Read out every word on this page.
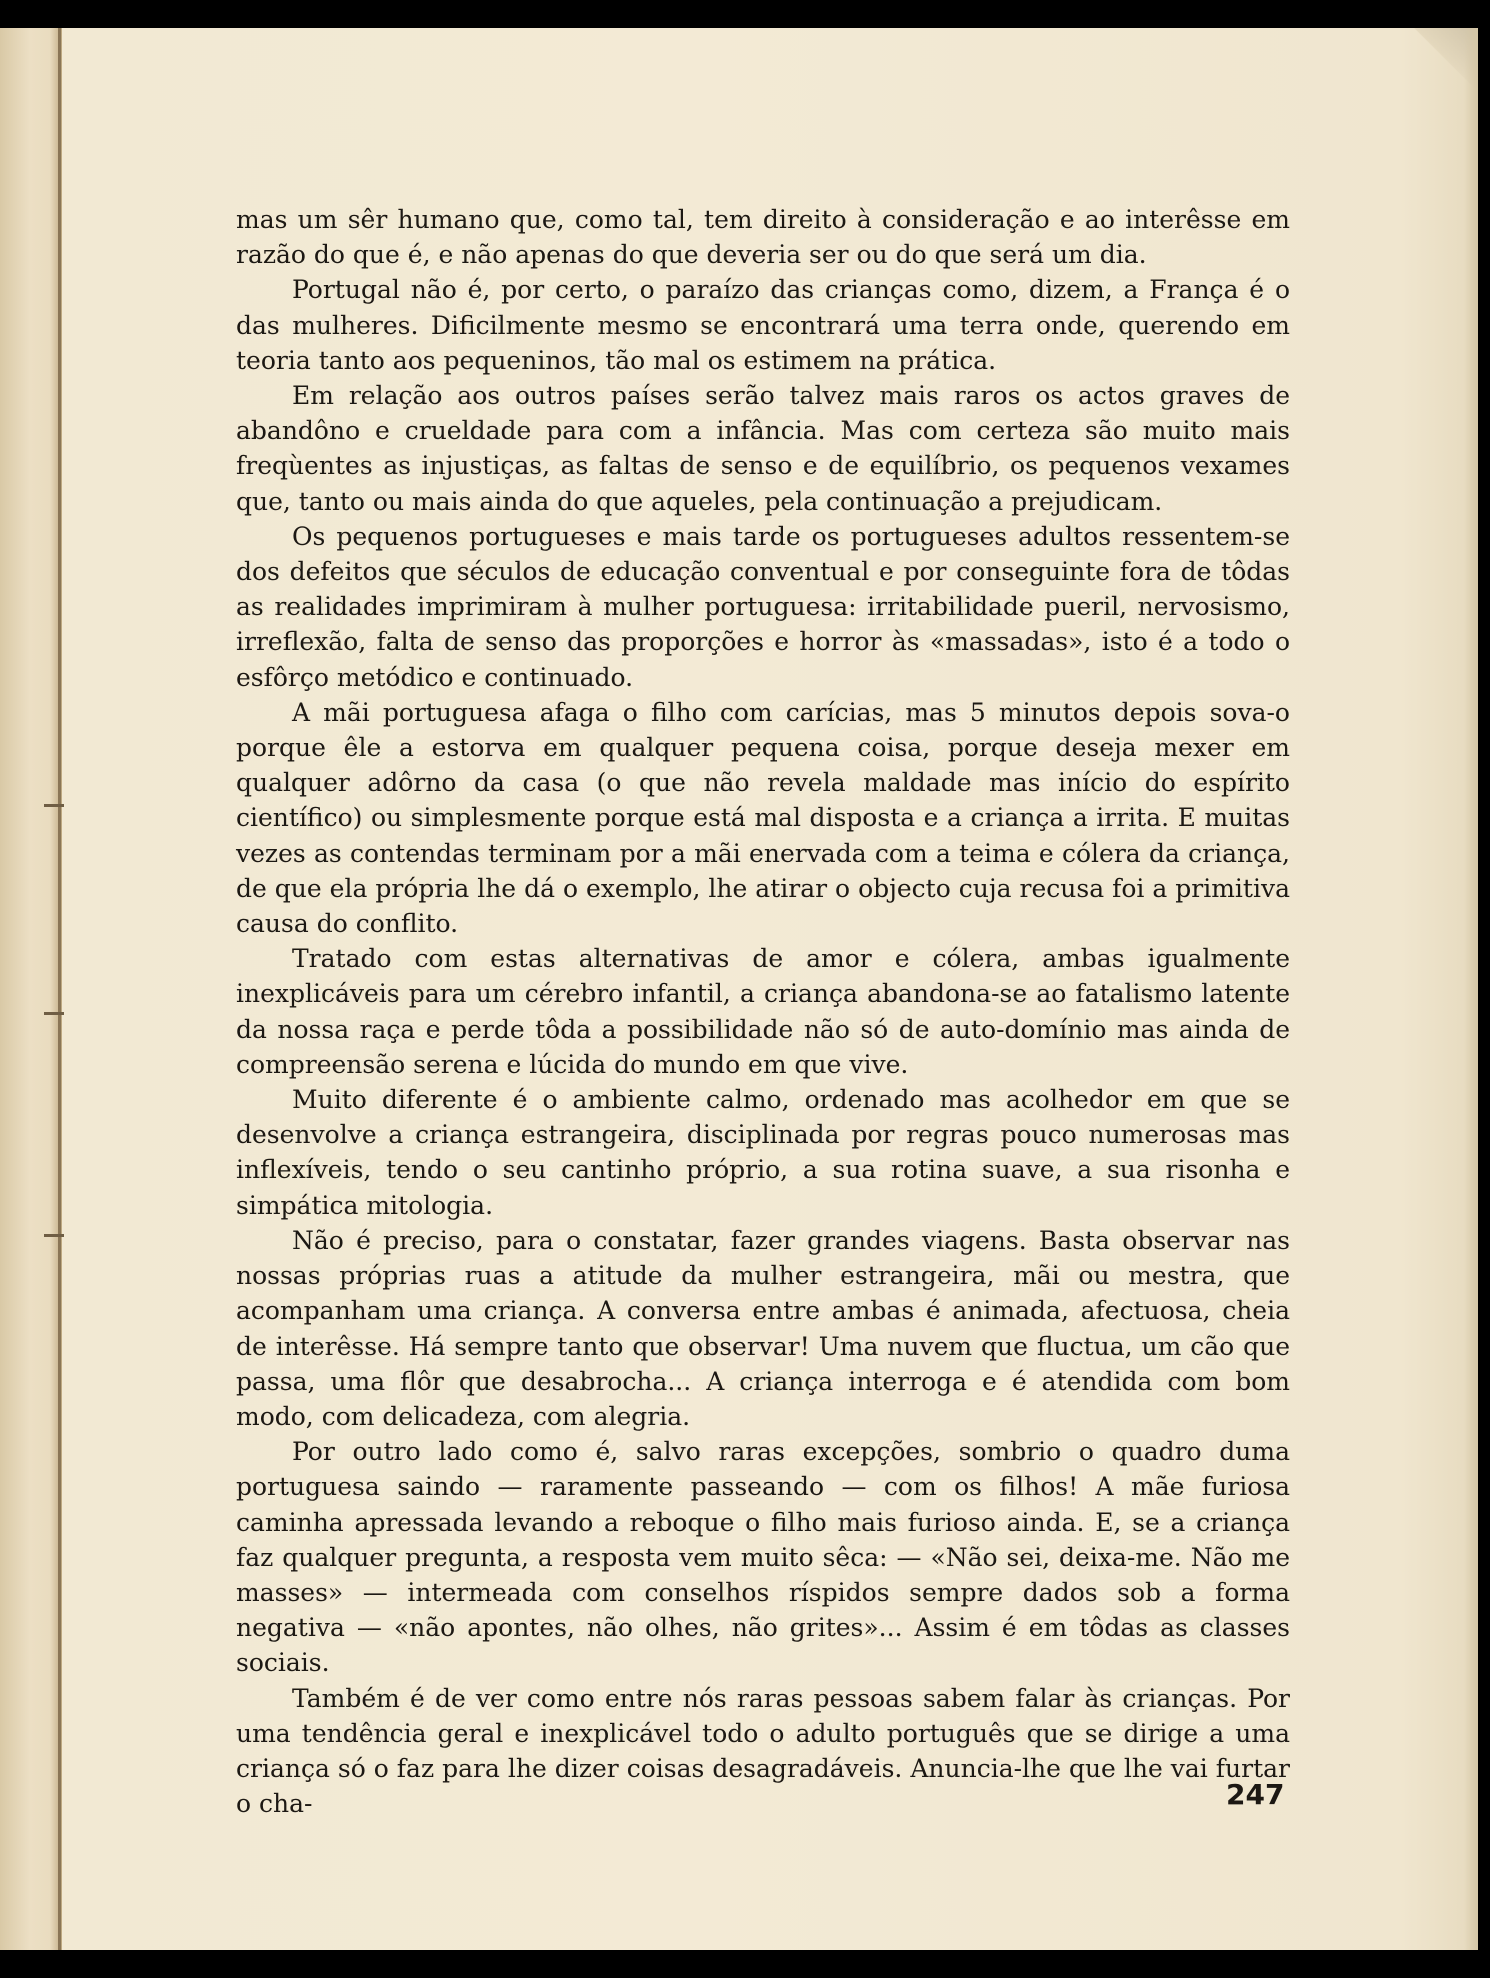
mas um sêr humano que, como tal, tem direito à consideração e ao interêsse em razão do que é, e não apenas do que deveria ser ou do que será um dia.

Portugal não é, por certo, o paraízo das crianças como, dizem, a França é o das mulheres. Dificilmente mesmo se encontrará uma terra onde, querendo em teoria tanto aos pequeninos, tão mal os estimem na prática.

Em relação aos outros países serão talvez mais raros os actos graves de abandôno e crueldade para com a infância. Mas com certeza são muito mais freqùentes as injustiças, as faltas de senso e de equilíbrio, os pequenos vexames que, tanto ou mais ainda do que aqueles, pela continuação a prejudicam.

Os pequenos portugueses e mais tarde os portugueses adultos ressentem-se dos defeitos que séculos de educação conventual e por conseguinte fora de tôdas as realidades imprimiram à mulher portuguesa: irritabilidade pueril, nervosismo, irreflexão, falta de senso das proporções e horror às «massadas», isto é a todo o esfôrço metódico e continuado.

A mãi portuguesa afaga o filho com carícias, mas 5 minutos depois sova-o porque êle a estorva em qualquer pequena coisa, porque deseja mexer em qualquer adôrno da casa (o que não revela maldade mas início do espírito científico) ou simplesmente porque está mal disposta e a criança a irrita. E muitas vezes as contendas terminam por a mãi enervada com a teima e cólera da criança, de que ela própria lhe dá o exemplo, lhe atirar o objecto cuja recusa foi a primitiva causa do conflito.

Tratado com estas alternativas de amor e cólera, ambas igualmente inexplicáveis para um cérebro infantil, a criança abandona-se ao fatalismo latente da nossa raça e perde tôda a possibilidade não só de auto-domínio mas ainda de compreensão serena e lúcida do mundo em que vive.

Muito diferente é o ambiente calmo, ordenado mas acolhedor em que se desenvolve a criança estrangeira, disciplinada por regras pouco numerosas mas inflexíveis, tendo o seu cantinho próprio, a sua rotina suave, a sua risonha e simpática mitologia.

Não é preciso, para o constatar, fazer grandes viagens. Basta observar nas nossas próprias ruas a atitude da mulher estrangeira, mãi ou mestra, que acompanham uma criança. A conversa entre ambas é animada, afectuosa, cheia de interêsse. Há sempre tanto que observar! Uma nuvem que fluctua, um cão que passa, uma flôr que desabrocha... A criança interroga e é atendida com bom modo, com delicadeza, com alegria.

Por outro lado como é, salvo raras excepções, sombrio o quadro duma portuguesa saindo — raramente passeando — com os filhos! A mãe furiosa caminha apressada levando a reboque o filho mais furioso ainda. E, se a criança faz qualquer pregunta, a resposta vem muito sêca: — «Não sei, deixa-me. Não me masses» — intermeada com conselhos ríspidos sempre dados sob a forma negativa — «não apontes, não olhes, não grites»... Assim é em tôdas as classes sociais.

Também é de ver como entre nós raras pessoas sabem falar às crianças. Por uma tendência geral e inexplicável todo o adulto português que se dirige a uma criança só o faz para lhe dizer coisas desagradáveis. Anuncia-lhe que lhe vai furtar o cha-	247
